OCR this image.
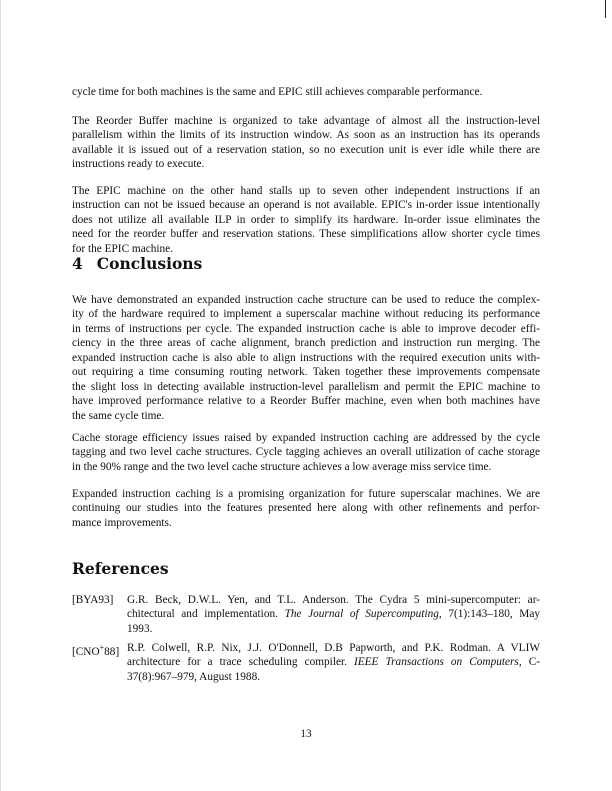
cycle time for both machines is the same and EPIC still achieves comparable performance.
The Reorder Buffer machine is organized to take advantage of almost all the instruction-level
parallelism within the limits of its instruction window. As soon as an instruction has its operands
available it is issued out of a reservation station, so no execution unit is ever idle while there are
instructions ready to execute.
The EPIC machine on the other hand stalls up to seven other independent instructions if an
instruction can not be issued because an operand is not available. EPIC's in-order issue intentionally
does not utilize all available ILP in order to simplify its hardware. In-order issue eliminates the
need for the reorder buffer and reservation stations. These simplifications allow shorter cycle times
for the EPIC machine.
4 Conclusions
We have demonstrated an expanded instruction cache structure can be used to reduce the complex-
ity of the hardware required to implement a superscalar machine without reducing its performance
in terms of instructions per cycle. The expanded instruction cache is able to improve decoder effi-
ciency in the three areas of cache alignment, branch prediction and instruction run merging. The
expanded instruction cache is also able to align instructions with the required execution units with-
out requiring a time consuming routing network. Taken together these improvements compensate
the slight loss in detecting available instruction-level parallelism and permit the EPIC machine to
have improved performance relative to a Reorder Buffer machine, even when both machines have
the same cycle time.
Cache storage efficiency issues raised by expanded instruction caching are addressed by the cycle
tagging and two level cache structures. Cycle tagging achieves an overall utilization of cache storage
in the 90% range and the two level cache structure achieves a low average miss service time.
Expanded instruction caching is a promising organization for future superscalar machines. We are
continuing our studies into the features presented here along with other refinements and perfor-
mance improvements.
References
[BYA93] G.R. Beck, D.W.L. Yen, and T.L. Anderson. The Cydra 5 mini-supercomputer: ar-
chitectural and implementation. The Journal of Supercomputing, 7(1):143–180, May
1993.
[CNO+88] R.P. Colwell, R.P. Nix, J.J. O'Donnell, D.B Papworth, and P.K. Rodman. A VLIW
architecture for a trace scheduling compiler. IEEE Transactions on Computers, C-
37(8):967–979, August 1988.
13
